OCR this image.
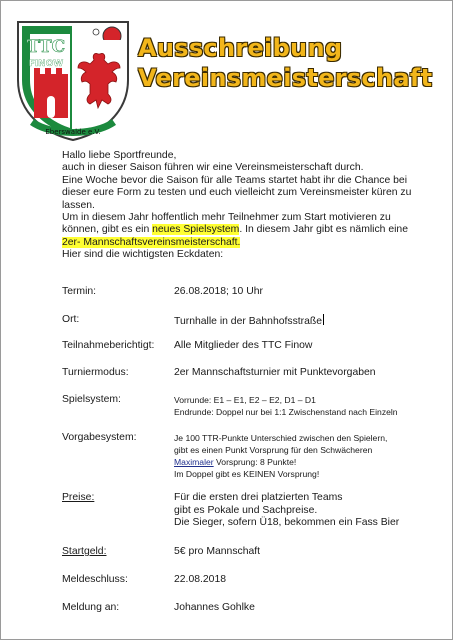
TTC
FINOW
Eberswalde e.V.
Ausschreibung
Vereinsmeisterschaft

Hallo liebe Sportfreunde,

auch in dieser Saison führen wir eine Vereinsmeisterschaft durch.

Eine Woche bevor die Saison für alle Teams startet habt ihr die Chance bei dieser eure Form zu testen und euch vielleicht zum Vereinsmeister küren zu lassen.

Um in diesem Jahr hoffentlich mehr Teilnehmer zum Start motivieren zu können, gibt es ein neues Spielsystem. In diesem Jahr gibt es nämlich eine 2er- Mannschaftsvereinsmeisterschaft.

Hier sind die wichtigsten Eckdaten:

Termin:	26.08.2018; 10 Uhr
Ort:	Turnhalle in der Bahnhofsstraße
Teilnahmeberichtigt: Alle Mitglieder des TTC Finow
Turniermodus:	2er Mannschaftsturnier mit Punktevorgaben
Spielsystem:	Vorrunde: E1 – E1, E2 – E2, D1 – D1
Endrunde: Doppel nur bei 1:1 Zwischenstand nach Einzeln
Vorgabesystem:	Je 100 TTR-Punkte Unterschied zwischen den Spielern,
gibt es einen Punkt Vorsprung für den Schwächeren
Maximaler Vorsprung: 8 Punkte!
Im Doppel gibt es KEINEN Vorsprung!
Preise:	Für die ersten drei platzierten Teams
gibt es Pokale und Sachpreise.
Die Sieger, sofern Ü18, bekommen ein Fass Bier
Startgeld:	5€ pro Mannschaft
Meldeschluss:	22.08.2018
Meldung an:	Johannes Gohlke
